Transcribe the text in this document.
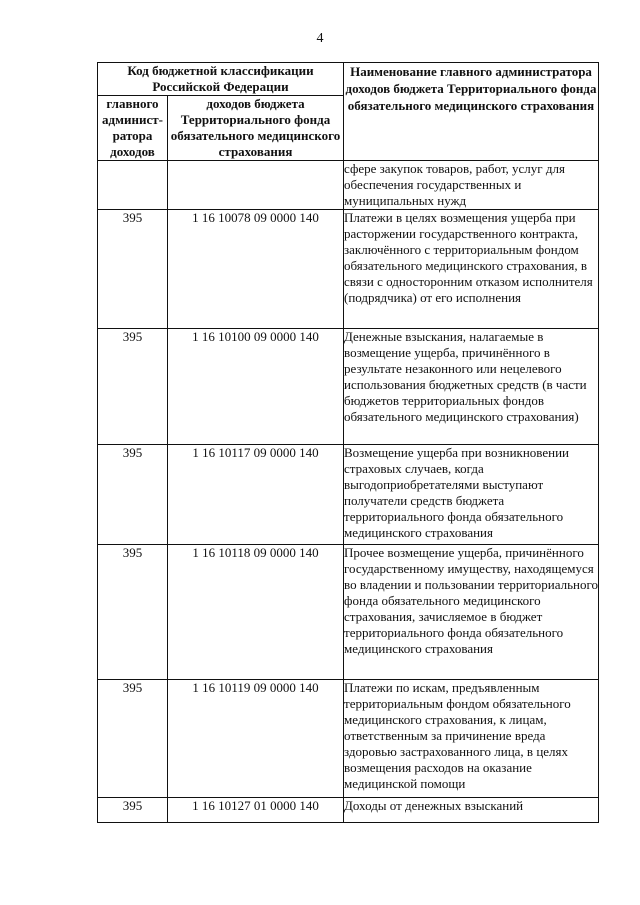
4
Код бюджетной классификации Российской Федерации		Наименование главного администратора доходов бюджета Территориального фонда обязательного медицинского страхования
главного админист-ратора доходов	доходов бюджета Территориального фонда обязательного медицинского страхования	
		сфере закупок товаров, работ, услуг для обеспечения государственных и муниципальных нужд
395	1 16 10078 09 0000 140	Платежи в целях возмещения ущерба при расторжении государственного контракта, заключённого с территориальным фондом обязательного медицинского страхования, в связи с односторонним отказом исполнителя (подрядчика) от его исполнения
395	1 16 10100 09 0000 140	Денежные взыскания, налагаемые в возмещение ущерба, причинённого в результате незаконного или нецелевого использования бюджетных средств (в части бюджетов территориальных фондов обязательного медицинского страхования)
395	1 16 10117 09 0000 140	Возмещение ущерба при возникновении страховых случаев, когда выгодоприобретателями выступают получатели средств бюджета территориального фонда обязательного медицинского страхования
395	1 16 10118 09 0000 140	Прочее возмещение ущерба, причинённого государственному имуществу, находящемуся во владении и пользовании территориального фонда обязательного медицинского страхования, зачисляемое в бюджет территориального фонда обязательного медицинского страхования
395	1 16 10119 09 0000 140	Платежи по искам, предъявленным территориальным фондом обязательного медицинского страхования, к лицам, ответственным за причинение вреда здоровью застрахованного лица, в целях возмещения расходов на оказание медицинской помощи
395	1 16 10127 01 0000 140	Доходы от денежных взысканий
